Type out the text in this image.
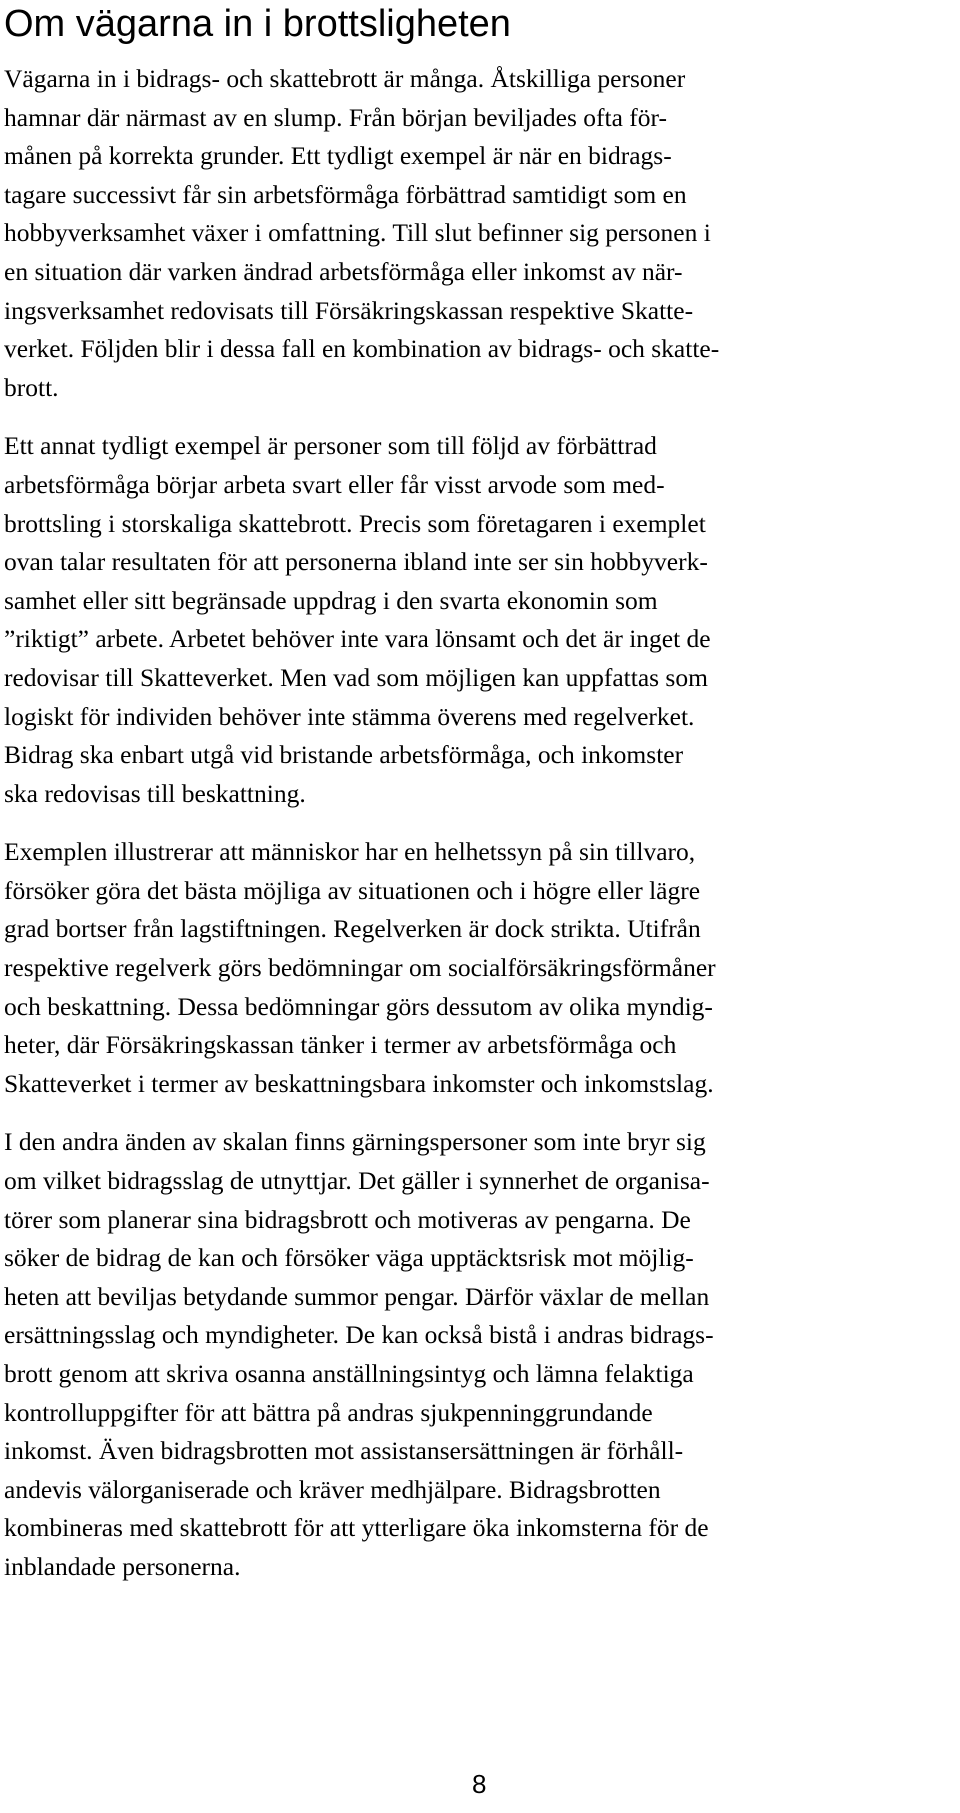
Om vägarna in i brottsligheten

Vägarna in i bidrags- och skattebrott är många. Åtskilliga personer
hamnar där närmast av en slump. Från början beviljades ofta för-
månen på korrekta grunder. Ett tydligt exempel är när en bidrags-
tagare successivt får sin arbetsförmåga förbättrad samtidigt som en
hobbyverksamhet växer i omfattning. Till slut befinner sig personen i
en situation där varken ändrad arbetsförmåga eller inkomst av när-
ingsverksamhet redovisats till Försäkringskassan respektive Skatte-
verket. Följden blir i dessa fall en kombination av bidrags- och skatte-
brott.

Ett annat tydligt exempel är personer som till följd av förbättrad
arbetsförmåga börjar arbeta svart eller får visst arvode som med-
brottsling i storskaliga skattebrott. Precis som företagaren i exemplet
ovan talar resultaten för att personerna ibland inte ser sin hobbyverk-
samhet eller sitt begränsade uppdrag i den svarta ekonomin som
”riktigt” arbete. Arbetet behöver inte vara lönsamt och det är inget de
redovisar till Skatteverket. Men vad som möjligen kan uppfattas som
logiskt för individen behöver inte stämma överens med regelverket.
Bidrag ska enbart utgå vid bristande arbetsförmåga, och inkomster
ska redovisas till beskattning.

Exemplen illustrerar att människor har en helhetssyn på sin tillvaro,
försöker göra det bästa möjliga av situationen och i högre eller lägre
grad bortser från lagstiftningen. Regelverken är dock strikta. Utifrån
respektive regelverk görs bedömningar om socialförsäkringsförmåner
och beskattning. Dessa bedömningar görs dessutom av olika myndig-
heter, där Försäkringskassan tänker i termer av arbetsförmåga och
Skatteverket i termer av beskattningsbara inkomster och inkomstslag.

I den andra änden av skalan finns gärningspersoner som inte bryr sig
om vilket bidragsslag de utnyttjar. Det gäller i synnerhet de organisa-
törer som planerar sina bidragsbrott och motiveras av pengarna. De
söker de bidrag de kan och försöker väga upptäcktsrisk mot möjlig-
heten att beviljas betydande summor pengar. Därför växlar de mellan
ersättningsslag och myndigheter. De kan också bistå i andras bidrags-
brott genom att skriva osanna anställningsintyg och lämna felaktiga
kontrolluppgifter för att bättra på andras sjukpenninggrundande
inkomst. Även bidragsbrotten mot assistansersättningen är förhåll-
andevis välorganiserade och kräver medhjälpare. Bidragsbrotten
kombineras med skattebrott för att ytterligare öka inkomsterna för de
inblandade personerna.

8
